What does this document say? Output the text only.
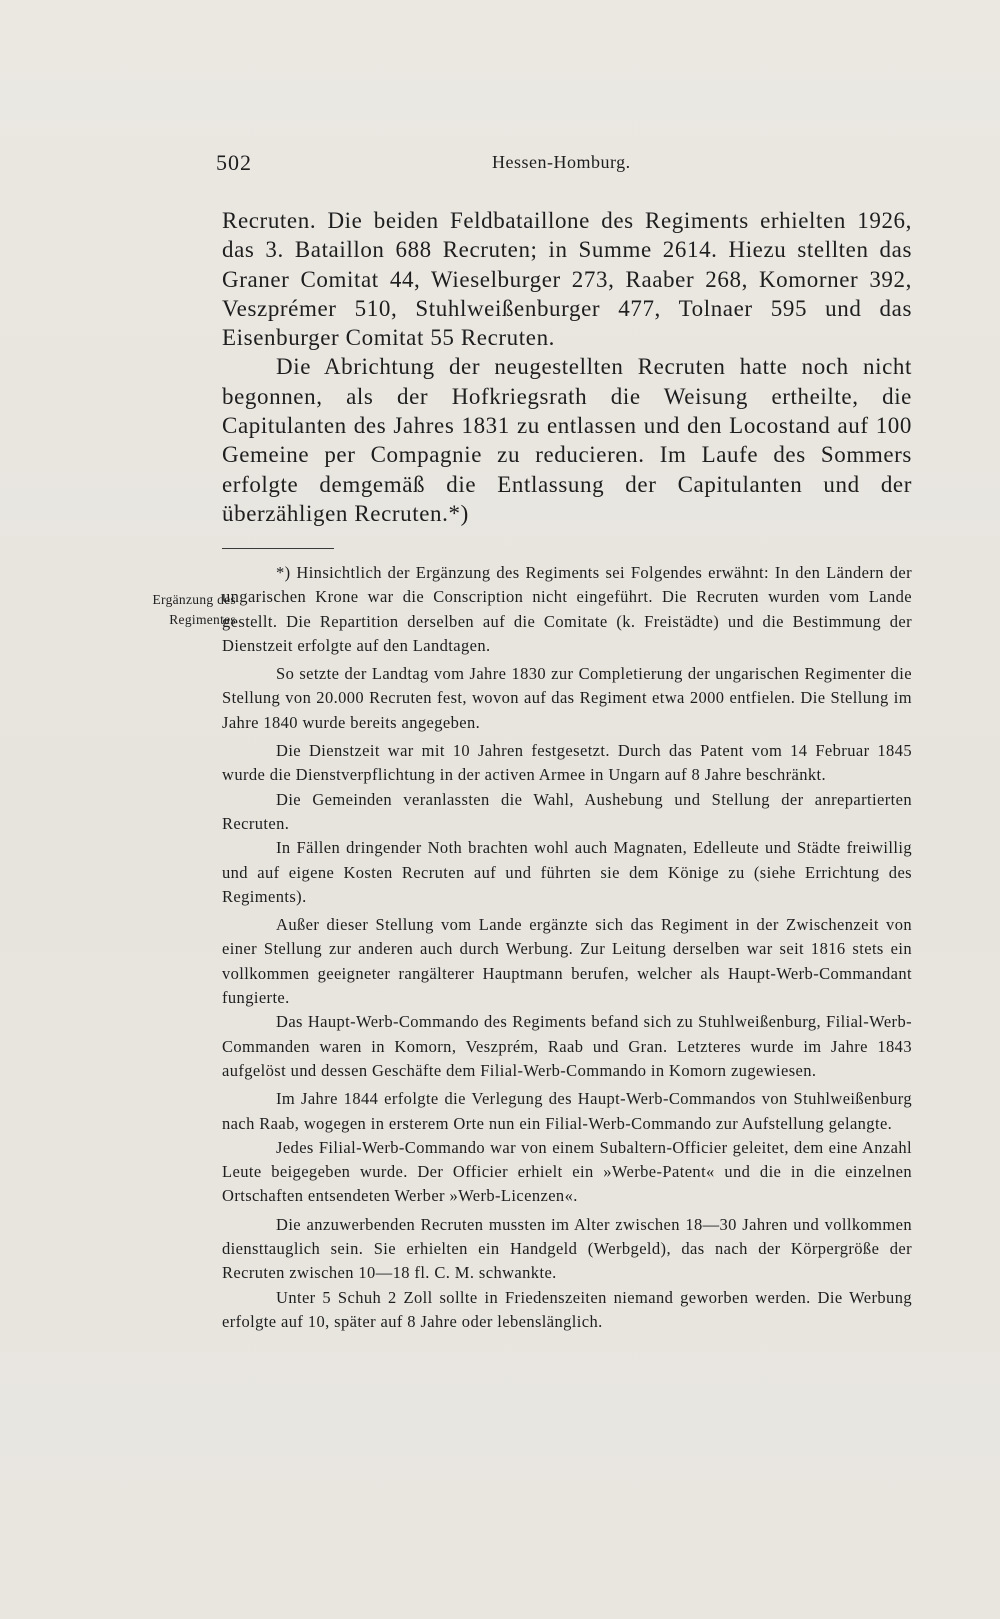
502	Hessen-Homburg.

Recruten. Die beiden Feldbataillone des Regiments erhielten 1926, das 3. Bataillon 688 Recruten; in Summe 2614. Hiezu stellten das Graner Comitat 44, Wieselburger 273, Raaber 268, Komorner 392, Veszprémer 510, Stuhlweißenburger 477, Tolnaer 595 und das Eisenburger Comitat 55 Recruten.

Die Abrichtung der neugestellten Recruten hatte noch nicht begonnen, als der Hofkriegsrath die Weisung ertheilte, die Capitulanten des Jahres 1831 zu entlassen und den Locostand auf 100 Gemeine per Compagnie zu reducieren. Im Laufe des Sommers erfolgte demgemäß die Entlassung der Capitulanten und der überzähligen Recruten.*)

Ergänzung des
Regimentes

*) Hinsichtlich der Ergänzung des Regiments sei Folgendes erwähnt: In den Ländern der ungarischen Krone war die Conscription nicht eingeführt. Die Recruten wurden vom Lande gestellt. Die Repartition derselben auf die Comitate (k. Freistädte) und die Bestimmung der Dienstzeit erfolgte auf den Landtagen.

So setzte der Landtag vom Jahre 1830 zur Completierung der ungarischen Regimenter die Stellung von 20.000 Recruten fest, wovon auf das Regiment etwa 2000 entfielen. Die Stellung im Jahre 1840 wurde bereits angegeben.

Die Dienstzeit war mit 10 Jahren festgesetzt. Durch das Patent vom 14 Februar 1845 wurde die Dienstverpflichtung in der activen Armee in Ungarn auf 8 Jahre beschränkt.

Die Gemeinden veranlassten die Wahl, Aushebung und Stellung der anrepartierten Recruten.

In Fällen dringender Noth brachten wohl auch Magnaten, Edelleute und Städte freiwillig und auf eigene Kosten Recruten auf und führten sie dem Könige zu (siehe Errichtung des Regiments).

Außer dieser Stellung vom Lande ergänzte sich das Regiment in der Zwischenzeit von einer Stellung zur anderen auch durch Werbung. Zur Leitung derselben war seit 1816 stets ein vollkommen geeigneter rangälterer Hauptmann berufen, welcher als Haupt-Werb-Commandant fungierte.

Das Haupt-Werb-Commando des Regiments befand sich zu Stuhlweißenburg, Filial-Werb-Commanden waren in Komorn, Veszprém, Raab und Gran. Letzteres wurde im Jahre 1843 aufgelöst und dessen Geschäfte dem Filial-Werb-Commando in Komorn zugewiesen.

Im Jahre 1844 erfolgte die Verlegung des Haupt-Werb-Commandos von Stuhlweißenburg nach Raab, wogegen in ersterem Orte nun ein Filial-Werb-Commando zur Aufstellung gelangte.

Jedes Filial-Werb-Commando war von einem Subaltern-Officier geleitet, dem eine Anzahl Leute beigegeben wurde. Der Officier erhielt ein »Werbe-Patent« und die in die einzelnen Ortschaften entsendeten Werber »Werb-Licenzen«.

Die anzuwerbenden Recruten mussten im Alter zwischen 18—30 Jahren und vollkommen diensttauglich sein. Sie erhielten ein Handgeld (Werbgeld), das nach der Körpergröße der Recruten zwischen 10—18 fl. C. M. schwankte.

Unter 5 Schuh 2 Zoll sollte in Friedenszeiten niemand geworben werden. Die Werbung erfolgte auf 10, später auf 8 Jahre oder lebenslänglich.
